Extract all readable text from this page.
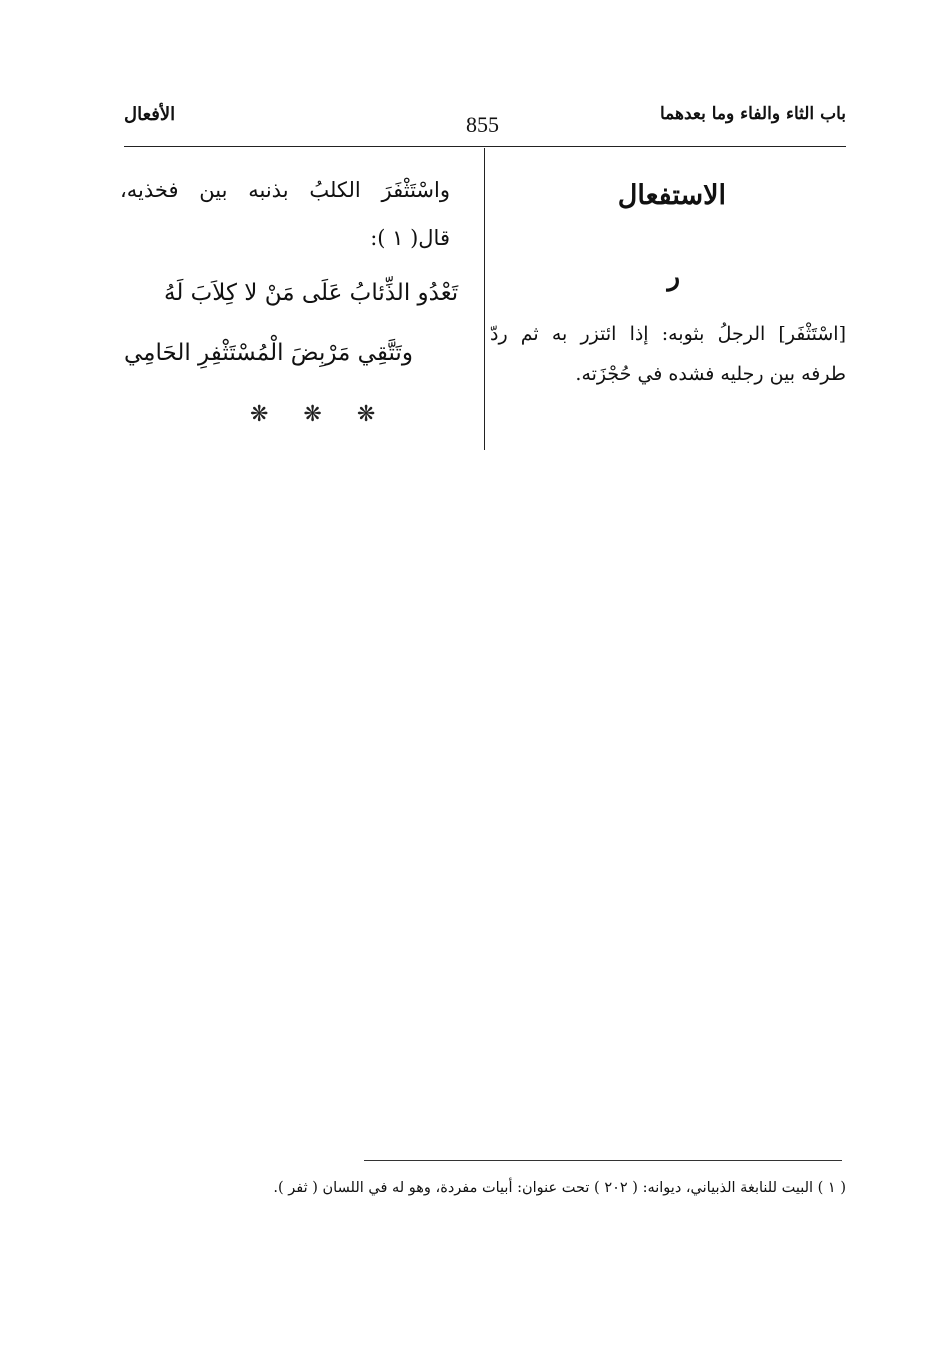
باب الثاء والفاء وما بعدهما
855
الأفعال
الاستفعال
ر
[اسْتَثْفَر] الرجلُ بثوبه: إذا ائتزر به ثم ردّ طرفه بين رجليه فشده في حُجْزَته.
واسْتَثْفَرَ الكلبُ بذنبه بين فخذيه،
قال( ١ ):
تَعْدُو الذِّئابُ عَلَى مَنْ لا كِلاَبَ لَهُ
وتَتَّقِي مَرْبِضَ الْمُسْتَثْفِرِ الحَامِي
❋ ❋ ❋
( ١ ) البيت للنابغة الذبياني، ديوانه: ( ٢٠٢ ) تحت عنوان: أبيات مفردة، وهو له في اللسان ( ثفر ).
